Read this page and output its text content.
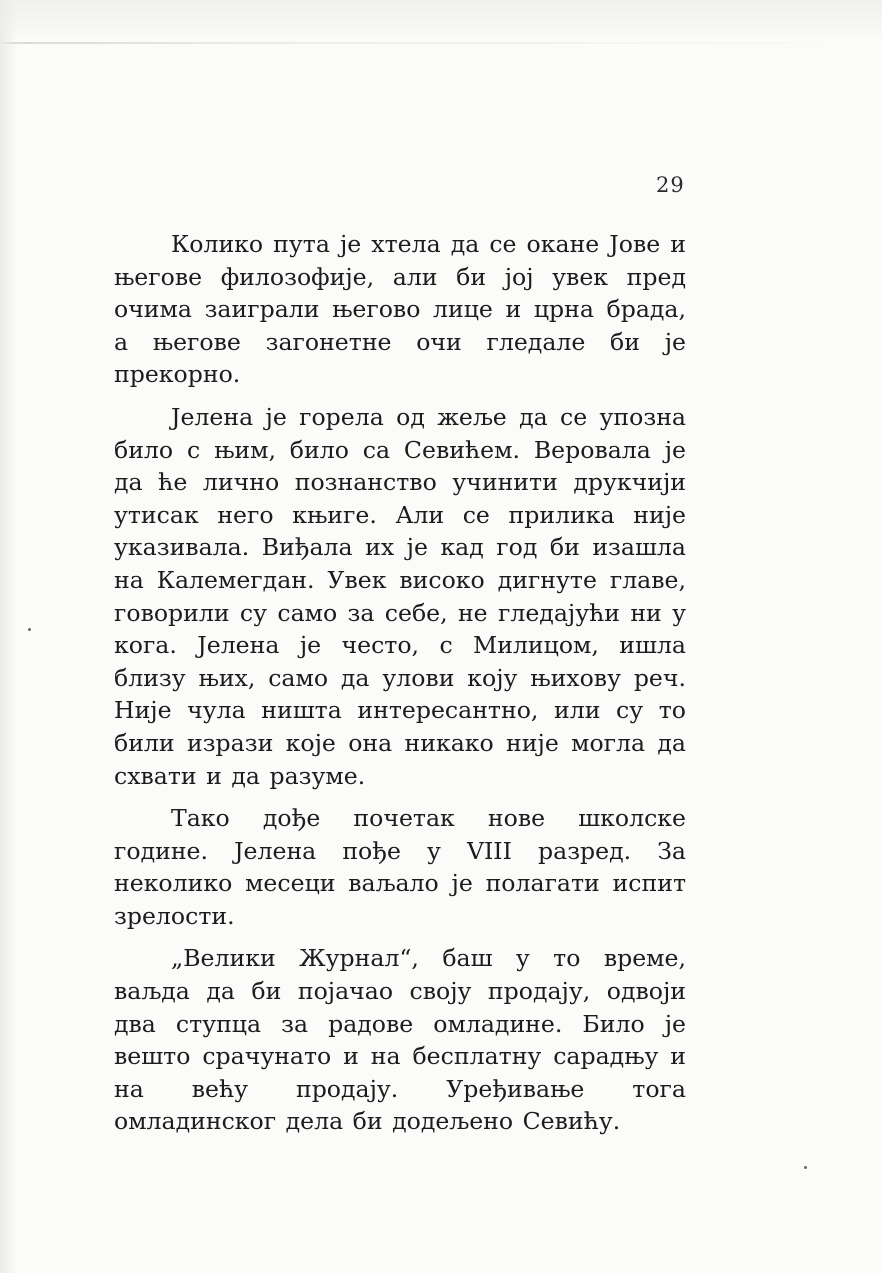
29

Колико пута је хтела да се окане Јове и његове филозофије, али би јој увек пред очима заиграли његово лице и црна брада, а његове загонетне очи гледале би је прекорно.

Јелена је горела од жеље да се упозна било с њим, било са Севићем. Веровала је да ће лично познанство учинити друкчији утисак него књиге. Али се прилика није указивала. Виђала их је кад год би изашла на Калемегдан. Увек високо дигнуте главе, говорили су само за себе, не гледајући ни у кога. Јелена је често, с Милицом, ишла близу њих, само да улови коју њихову реч. Није чула ништа интересантно, или су то били изрази које она никако није могла да схвати и да разуме.

Тако дође почетак нове школске године. Јелена пође у VIII разред. За неколико месеци ваљало је полагати испит зрелости.

„Велики Журнал“, баш у то време, ваљда да би појачао своју продају, одвоји два ступца за радове омладине. Било је вешто срачунато и на бесплатну сарадњу и на већу продају. Уређивање тога омладинског дела би додељено Севићу.
